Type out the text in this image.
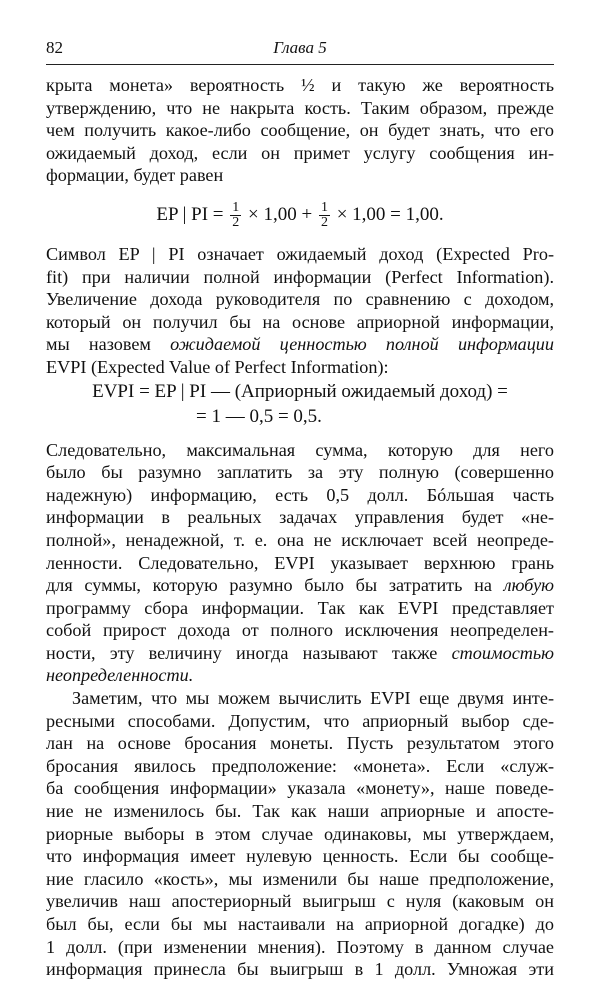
82	Глава 5
крыта монета» вероятность ½ и такую же вероятность
утверждению, что не накрыта кость. Таким образом, прежде
чем получить какое-либо сообщение, он будет знать, что его
ожидаемый доход, если он примет услугу сообщения ин-
формации, будет равен
EP | PI = $\frac{1}{2} \times 1,00 + \frac{1}{2} \times 1,00 = 1,00$.
Символ EP | PI означает ожидаемый доход (Expected Pro-
fit) при наличии полной информации (Perfect Information).
Увеличение дохода руководителя по сравнению с доходом,
который он получил бы на основе априорной информации,
мы назовем ожидаемой ценностью полной информации
EVPI (Expected Value of Perfect Information):
EVPI = EP | PI — (Априорный ожидаемый доход) =
= 1 — 0,5 = 0,5.
Следовательно, максимальная сумма, которую для него
было бы разумно заплатить за эту полную (совершенно
надежную) информацию, есть 0,5 долл. Бóльшая часть
информации в реальных задачах управления будет «не-
полной», ненадежной, т. е. она не исключает всей неопреде-
ленности. Следовательно, EVPI указывает верхнюю грань
для суммы, которую разумно было бы затратить на любую
программу сбора информации. Так как EVPI представляет
собой прирост дохода от полного исключения неопределен-
ности, эту величину иногда называют также стоимостью
неопределенности.
Заметим, что мы можем вычислить EVPI еще двумя инте-
ресными способами. Допустим, что априорный выбор сде-
лан на основе бросания монеты. Пусть результатом этого
бросания явилось предположение: «монета». Если «служ-
ба сообщения информации» указала «монету», наше поведе-
ние не изменилось бы. Так как наши априорные и апосте-
риорные выборы в этом случае одинаковы, мы утверждаем,
что информация имеет нулевую ценность. Если бы сообще-
ние гласило «кость», мы изменили бы наше предположение,
увеличив наш апостериорный выигрыш с нуля (каковым он
был бы, если бы мы настаивали на априорной догадке) до
1 долл. (при изменении мнения). Поэтому в данном случае
информация принесла бы выигрыш в 1 долл. Умножая эти
